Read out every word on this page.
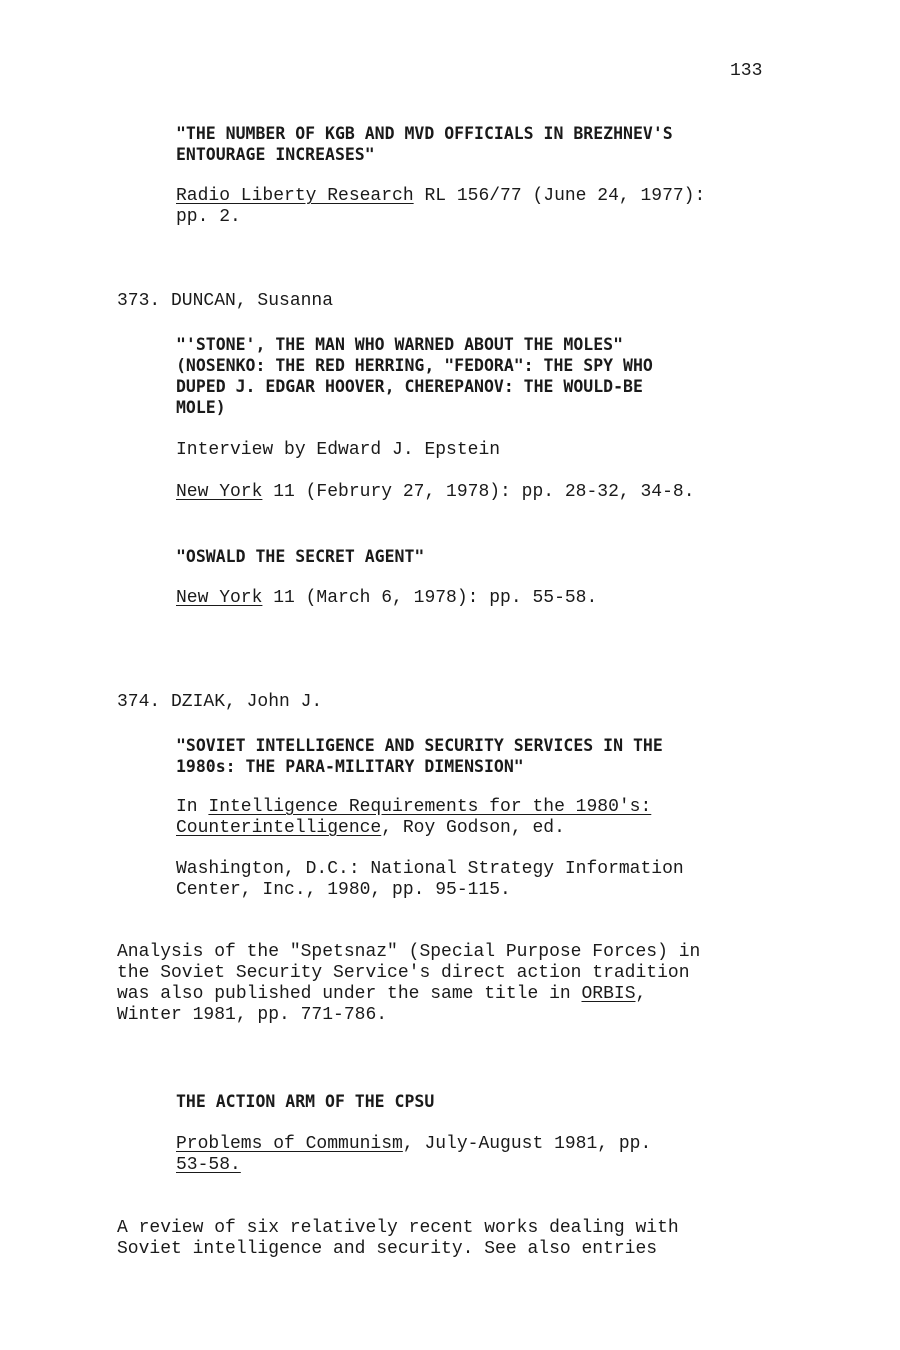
133
"THE NUMBER OF KGB AND MVD OFFICIALS IN BREZHNEV'S
ENTOURAGE INCREASES"
Radio Liberty Research RL 156/77 (June 24, 1977):
pp. 2.
373. DUNCAN, Susanna
"'STONE', THE MAN WHO WARNED ABOUT THE MOLES"
(NOSENKO: THE RED HERRING, "FEDORA": THE SPY WHO
DUPED J. EDGAR HOOVER, CHEREPANOV: THE WOULD-BE
MOLE)
Interview by Edward J. Epstein
New York 11 (Februry 27, 1978): pp. 28-32, 34-8.
"OSWALD THE SECRET AGENT"
New York 11 (March 6, 1978): pp. 55-58.
374. DZIAK, John J.
"SOVIET INTELLIGENCE AND SECURITY SERVICES IN THE
1980s: THE PARA-MILITARY DIMENSION"
In Intelligence Requirements for the 1980's:
Counterintelligence, Roy Godson, ed.
Washington, D.C.: National Strategy Information
Center, Inc., 1980, pp. 95-115.
Analysis of the "Spetsnaz" (Special Purpose Forces) in
the Soviet Security Service's direct action tradition
was also published under the same title in ORBIS,
Winter 1981, pp. 771-786.
THE ACTION ARM OF THE CPSU
Problems of Communism, July-August 1981, pp.
53-58.
A review of six relatively recent works dealing with
Soviet intelligence and security. See also entries
